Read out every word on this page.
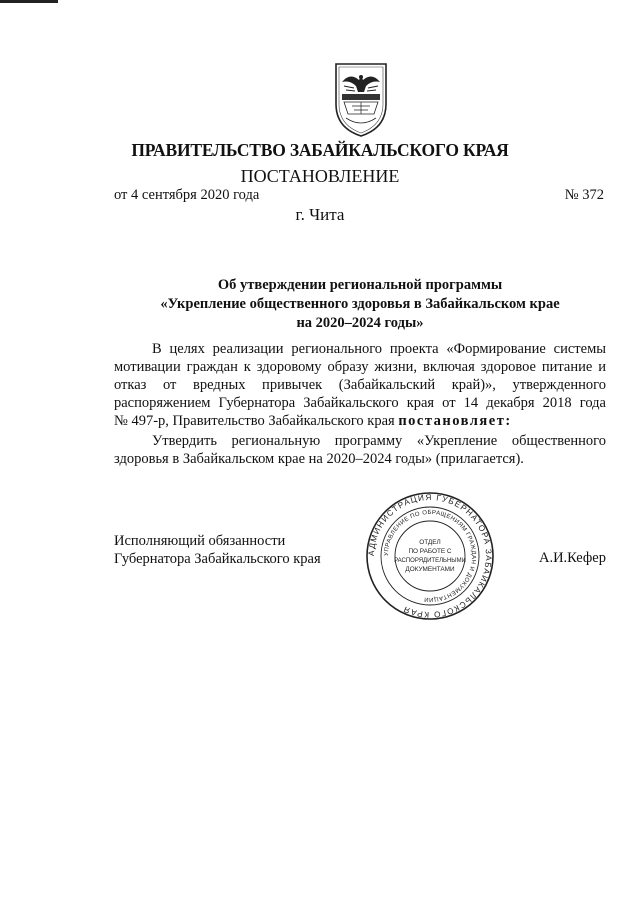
ПРАВИТЕЛЬСТВО ЗАБАЙКАЛЬСКОГО КРАЯ
ПОСТАНОВЛЕНИЕ
от 4 сентября 2020 года	№ 372
г. Чита
Об утверждении региональной программы
«Укрепление общественного здоровья в Забайкальском крае
на 2020–2024 годы»
В целях реализации регионального проекта «Формирование системы
мотивации граждан к здоровому образу жизни, включая здоровое питание и
отказ от вредных привычек (Забайкальский край)», утвержденного
распоряжением Губернатора Забайкальского края от 14 декабря 2018 года
№ 497-р, Правительство Забайкальского края постановляет:
Утвердить региональную программу «Укрепление общественного
здоровья в Забайкальском крае на 2020–2024 годы» (прилагается).
Исполняющий обязанности
Губернатора Забайкальского края	А.И.Кефер
АДМИНИСТРАЦИЯ ГУБЕРНАТОРА ЗАБАЙКАЛЬСКОГО КРАЯ
УПРАВЛЕНИЕ ПО ОБРАЩЕНИЯМ ГРАЖДАН И ДОКУМЕНТАЦИИ
ОТДЕЛ
ПО РАБОТЕ С
РАСПОРЯДИТЕЛЬНЫМИ
ДОКУМЕНТАМИ
